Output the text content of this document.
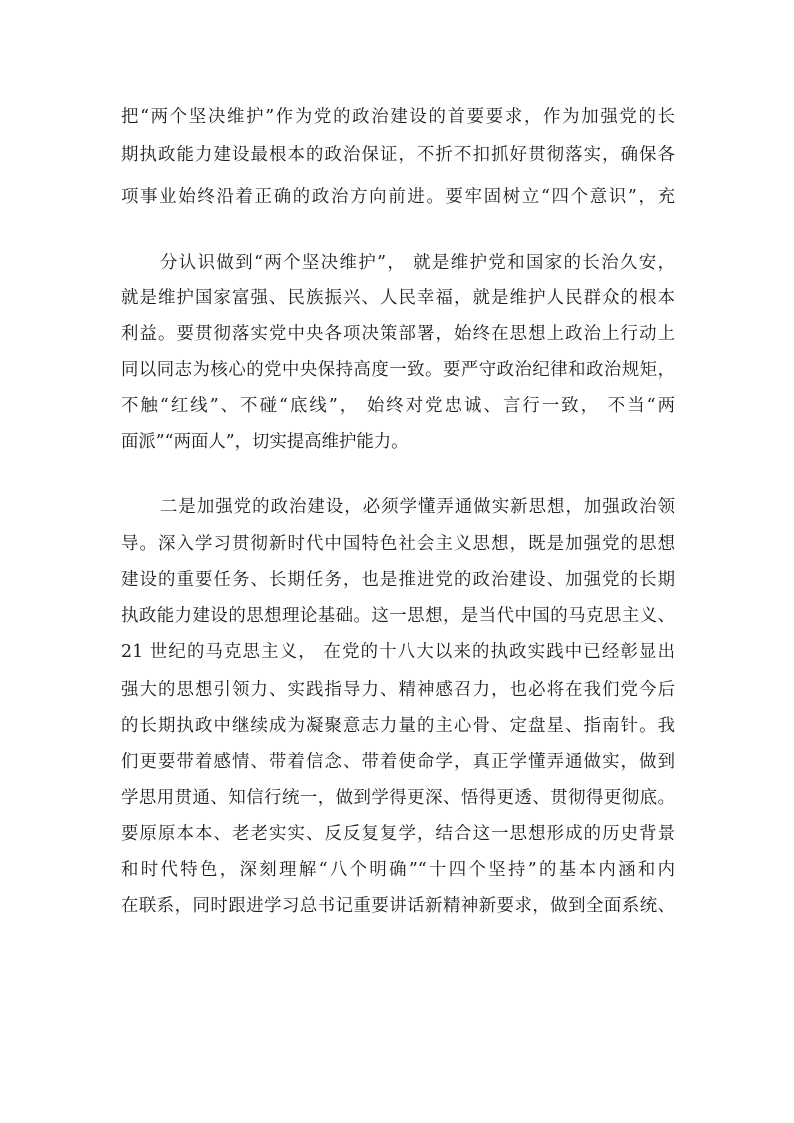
把“两个坚决维护”作为党的政治建设的首要要求，作为加强党的长
期执政能力建设最根本的政治保证，不折不扣抓好贯彻落实，确保各
项事业始终沿着正确的政治方向前进。要牢固树立“四个意识”，充
分认识做到“两个坚决维护”， 就是维护党和国家的长治久安，
就是维护国家富强、民族振兴、人民幸福，就是维护人民群众的根本
利益。要贯彻落实党中央各项决策部署，始终在思想上政治上行动上
同以同志为核心的党中央保持高度一致。要严守政治纪律和政治规矩，
不触“红线”、不碰“底线”， 始终对党忠诚、言行一致， 不当“两
面派”“两面人”，切实提高维护能力。
二是加强党的政治建设，必须学懂弄通做实新思想，加强政治领
导。深入学习贯彻新时代中国特色社会主义思想，既是加强党的思想
建设的重要任务、长期任务，也是推进党的政治建设、加强党的长期
执政能力建设的思想理论基础。这一思想，是当代中国的马克思主义、
21 世纪的马克思主义， 在党的十八大以来的执政实践中已经彰显出
强大的思想引领力、实践指导力、精神感召力，也必将在我们党今后
的长期执政中继续成为凝聚意志力量的主心骨、定盘星、指南针。我
们更要带着感情、带着信念、带着使命学，真正学懂弄通做实，做到
学思用贯通、知信行统一，做到学得更深、悟得更透、贯彻得更彻底。
要原原本本、老老实实、反反复复学，结合这一思想形成的历史背景
和时代特色，深刻理解“八个明确”“十四个坚持”的基本内涵和内
在联系，同时跟进学习总书记重要讲话新精神新要求，做到全面系统、
